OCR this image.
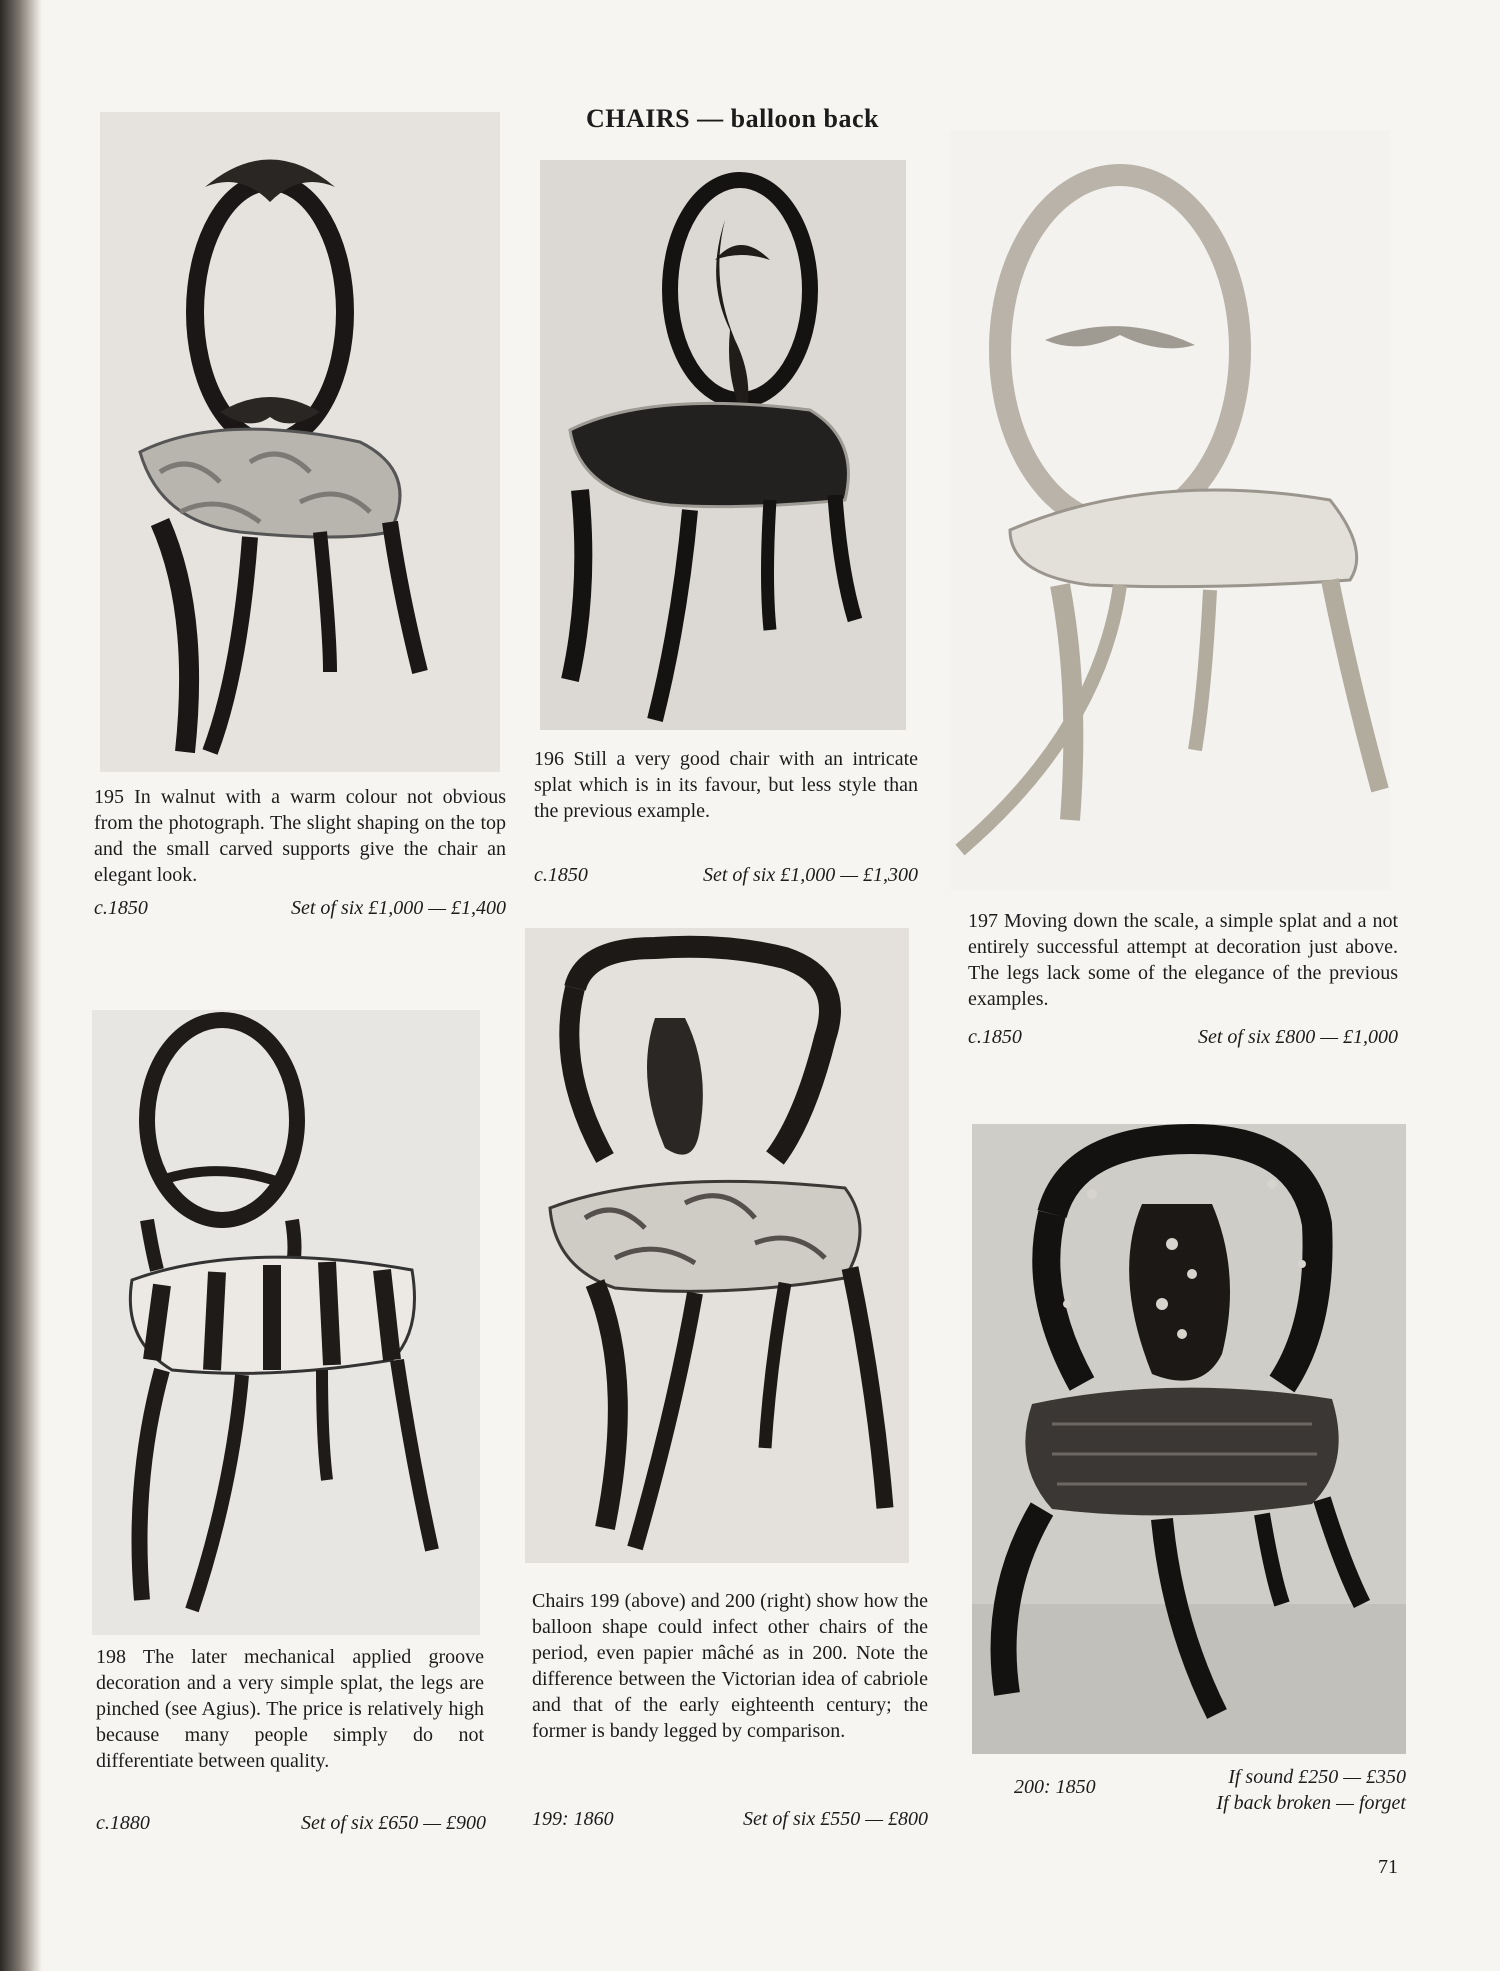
CHAIRS — balloon back
195 In walnut with a warm colour not obvious from the photograph. The slight shaping on the top and the small carved supports give the chair an elegant look.
c.1850	Set of six £1,000 — £1,400
196 Still a very good chair with an intricate splat which is in its favour, but less style than the previous example.
c.1850	Set of six £1,000 — £1,300
197 Moving down the scale, a simple splat and a not entirely successful attempt at decoration just above. The legs lack some of the elegance of the previous examples.
c.1850	Set of six £800 — £1,000
198 The later mechanical applied groove decoration and a very simple splat, the legs are pinched (see Agius). The price is relatively high because many people simply do not differentiate between quality.
c.1880	Set of six £650 — £900
Chairs 199 (above) and 200 (right) show how the balloon shape could infect other chairs of the period, even papier mâché as in 200. Note the difference between the Victorian idea of cabriole and that of the early eighteenth century; the former is bandy legged by comparison.
199: 1860	Set of six £550 — £800
200: 1850	If sound £250 — £350
If back broken — forget
71
